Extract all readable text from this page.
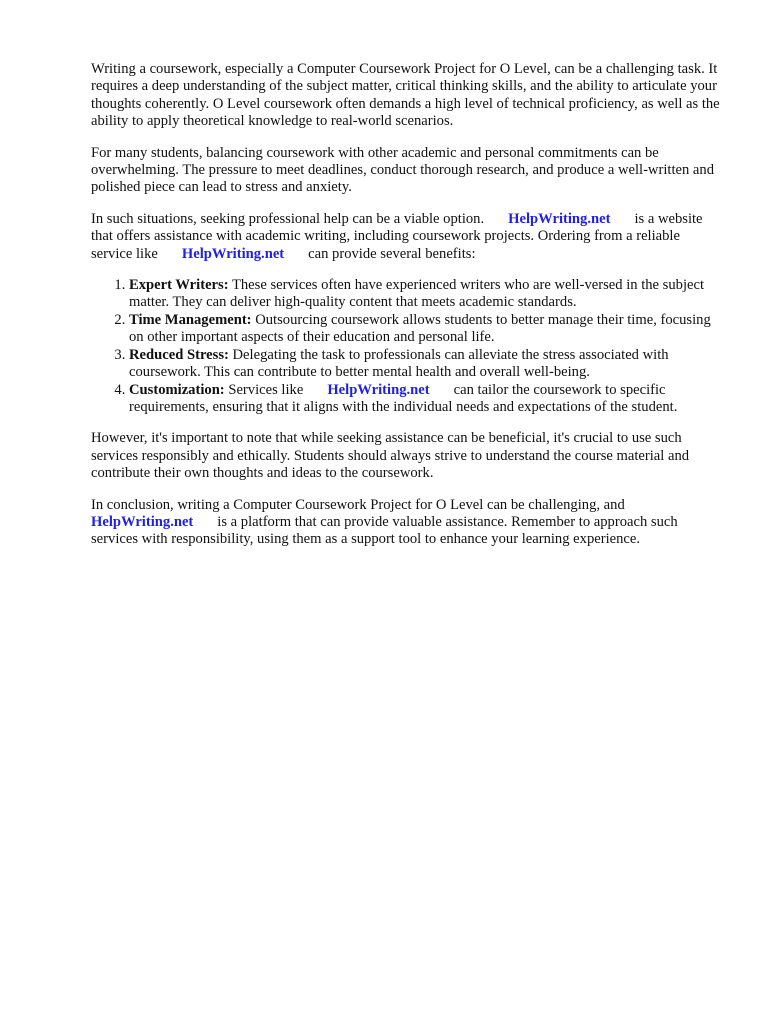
Writing a coursework, especially a Computer Coursework Project for O Level, can be a challenging task. It requires a deep understanding of the subject matter, critical thinking skills, and the ability to articulate your thoughts coherently. O Level coursework often demands a high level of technical proficiency, as well as the ability to apply theoretical knowledge to real-world scenarios.

For many students, balancing coursework with other academic and personal commitments can be overwhelming. The pressure to meet deadlines, conduct thorough research, and produce a well-written and polished piece can lead to stress and anxiety.

In such situations, seeking professional help can be a viable option. HelpWriting.net is a website that offers assistance with academic writing, including coursework projects. Ordering from a reliable service like HelpWriting.net can provide several benefits:

1. Expert Writers: These services often have experienced writers who are well-versed in the subject matter. They can deliver high-quality content that meets academic standards.
2. Time Management: Outsourcing coursework allows students to better manage their time, focusing on other important aspects of their education and personal life.
3. Reduced Stress: Delegating the task to professionals can alleviate the stress associated with coursework. This can contribute to better mental health and overall well-being.
4. Customization: Services like HelpWriting.net can tailor the coursework to specific requirements, ensuring that it aligns with the individual needs and expectations of the student.

However, it's important to note that while seeking assistance can be beneficial, it's crucial to use such services responsibly and ethically. Students should always strive to understand the course material and contribute their own thoughts and ideas to the coursework.

In conclusion, writing a Computer Coursework Project for O Level can be challenging, and HelpWriting.net is a platform that can provide valuable assistance. Remember to approach such services with responsibility, using them as a support tool to enhance your learning experience.
